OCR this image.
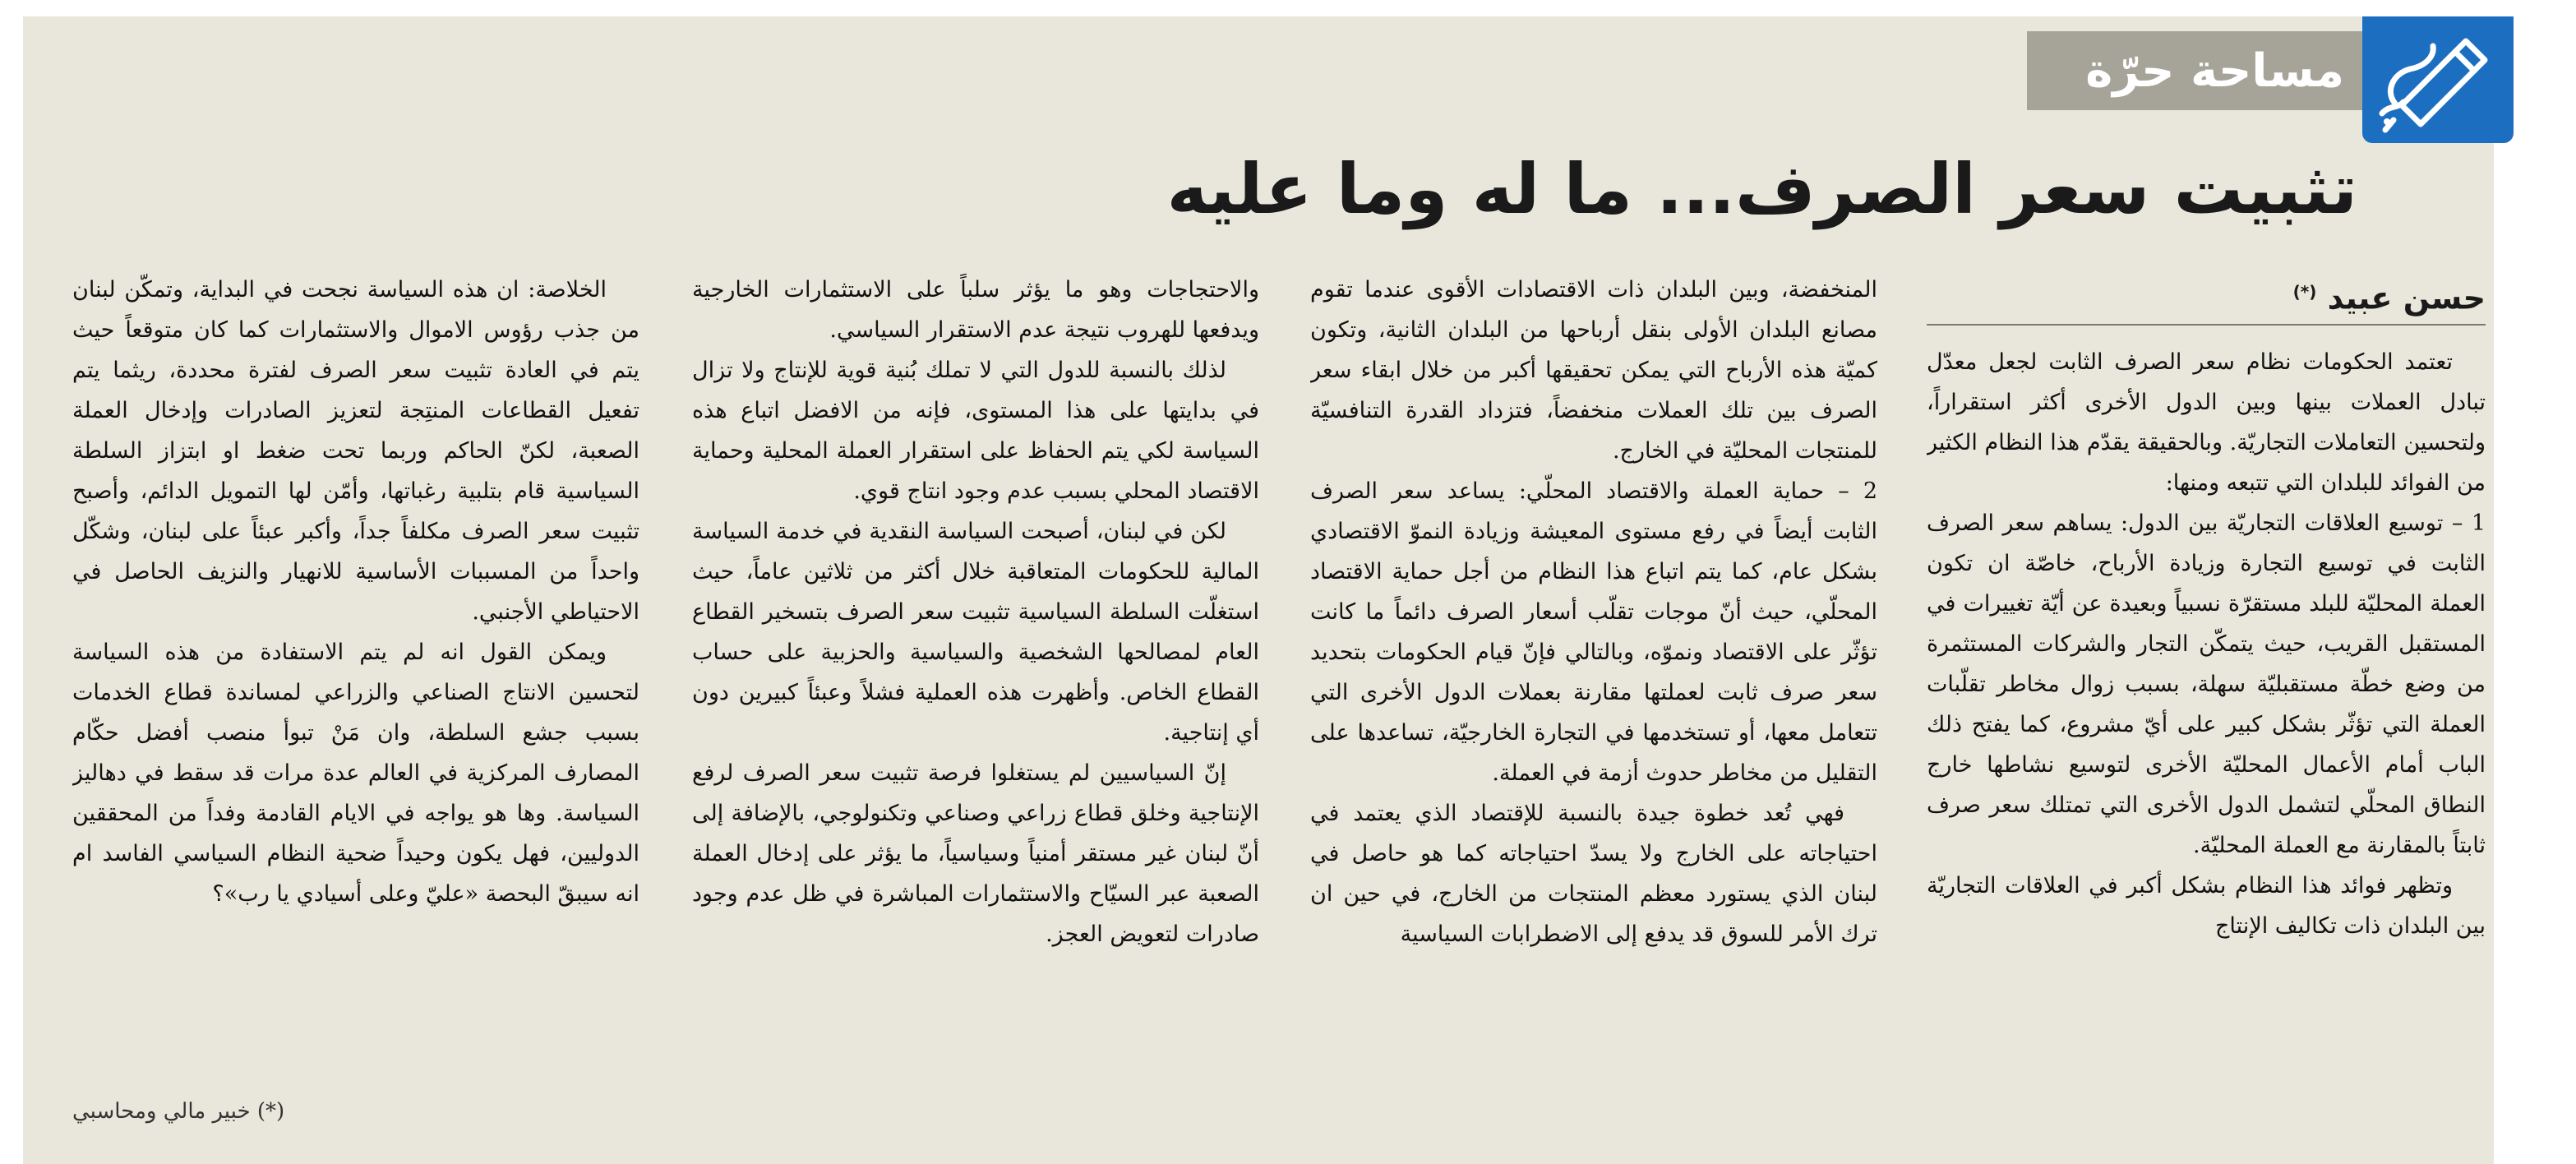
مساحة حرّة
تثبيت سعر الصرف... ما له وما عليه
حسن عبيد (*)

تعتمد الحكومات نظام سعر الصرف الثابت لجعل معدّل تبادل العملات بينها وبين الدول الأخرى أكثر استقراراً، ولتحسين التعاملات التجاريّة. وبالحقيقة يقدّم هذا النظام الكثير من الفوائد للبلدان التي تتبعه ومنها:

1 – توسيع العلاقات التجاريّة بين الدول: يساهم سعر الصرف الثابت في توسيع التجارة وزيادة الأرباح، خاصّة ان تكون العملة المحليّة للبلد مستقرّة نسبياً وبعيدة عن أيّة تغييرات في المستقبل القريب، حيث يتمكّن التجار والشركات المستثمرة من وضع خطّة مستقبليّة سهلة، بسبب زوال مخاطر تقلّبات العملة التي تؤثّر بشكل كبير على أيّ مشروع، كما يفتح ذلك الباب أمام الأعمال المحليّة الأخرى لتوسيع نشاطها خارج النطاق المحلّي لتشمل الدول الأخرى التي تمتلك سعر صرف ثابتاً بالمقارنة مع العملة المحليّة.

وتظهر فوائد هذا النظام بشكل أكبر في العلاقات التجاريّة بين البلدان ذات تكاليف الإنتاج

المنخفضة، وبين البلدان ذات الاقتصادات الأقوى عندما تقوم مصانع البلدان الأولى بنقل أرباحها من البلدان الثانية، وتكون كميّة هذه الأرباح التي يمكن تحقيقها أكبر من خلال ابقاء سعر الصرف بين تلك العملات منخفضاً، فتزداد القدرة التنافسيّة للمنتجات المحليّة في الخارج.

2 – حماية العملة والاقتصاد المحلّي: يساعد سعر الصرف الثابت أيضاً في رفع مستوى المعيشة وزيادة النموّ الاقتصادي بشكل عام، كما يتم اتباع هذا النظام من أجل حماية الاقتصاد المحلّي، حيث أنّ موجات تقلّب أسعار الصرف دائماً ما كانت تؤثّر على الاقتصاد ونموّه، وبالتالي فإنّ قيام الحكومات بتحديد سعر صرف ثابت لعملتها مقارنة بعملات الدول الأخرى التي تتعامل معها، أو تستخدمها في التجارة الخارجيّة، تساعدها على التقليل من مخاطر حدوث أزمة في العملة.

فهي تُعد خطوة جيدة بالنسبة للإقتصاد الذي يعتمد في احتياجاته على الخارج ولا يسدّ احتياجاته كما هو حاصل في لبنان الذي يستورد معظم المنتجات من الخارج، في حين ان ترك الأمر للسوق قد يدفع إلى الاضطرابات السياسية

والاحتجاجات وهو ما يؤثر سلباً على الاستثمارات الخارجية ويدفعها للهروب نتيجة عدم الاستقرار السياسي.

لذلك بالنسبة للدول التي لا تملك بُنية قوية للإنتاج ولا تزال في بدايتها على هذا المستوى، فإنه من الافضل اتباع هذه السياسة لكي يتم الحفاظ على استقرار العملة المحلية وحماية الاقتصاد المحلي بسبب عدم وجود انتاج قوي.

لكن في لبنان، أصبحت السياسة النقدية في خدمة السياسة المالية للحكومات المتعاقبة خلال أكثر من ثلاثين عاماً، حيث استغلّت السلطة السياسية تثبيت سعر الصرف بتسخير القطاع العام لمصالحها الشخصية والسياسية والحزبية على حساب القطاع الخاص. وأظهرت هذه العملية فشلاً وعبئاً كبيرين دون أي إنتاجية.

إنّ السياسيين لم يستغلوا فرصة تثبيت سعر الصرف لرفع الإنتاجية وخلق قطاع زراعي وصناعي وتكنولوجي، بالإضافة إلى أنّ لبنان غير مستقر أمنياً وسياسياً، ما يؤثر على إدخال العملة الصعبة عبر السيّاح والاستثمارات المباشرة في ظل عدم وجود صادرات لتعويض العجز.

الخلاصة: ان هذه السياسة نجحت في البداية، وتمكّن لبنان من جذب رؤوس الاموال والاستثمارات كما كان متوقعاً حيث يتم في العادة تثبيت سعر الصرف لفترة محددة، ريثما يتم تفعيل القطاعات المنتِجة لتعزيز الصادرات وإدخال العملة الصعبة، لكنّ الحاكم وربما تحت ضغط او ابتزاز السلطة السياسية قام بتلبية رغباتها، وأمّن لها التمويل الدائم، وأصبح تثبيت سعر الصرف مكلفاً جداً، وأكبر عبئاً على لبنان، وشكّل واحداً من المسببات الأساسية للانهيار والنزيف الحاصل في الاحتياطي الأجنبي.

ويمكن القول انه لم يتم الاستفادة من هذه السياسة لتحسين الانتاج الصناعي والزراعي لمساندة قطاع الخدمات بسبب جشع السلطة، وان مَنْ تبوأ منصب أفضل حكّام المصارف المركزية في العالم عدة مرات قد سقط في دهاليز السياسة. وها هو يواجه في الايام القادمة وفداً من المحققين الدوليين، فهل يكون وحيداً ضحية النظام السياسي الفاسد ام انه سيبقّ البحصة «عليّ وعلى أسيادي يا رب»؟

(*) خبير مالي ومحاسبي
